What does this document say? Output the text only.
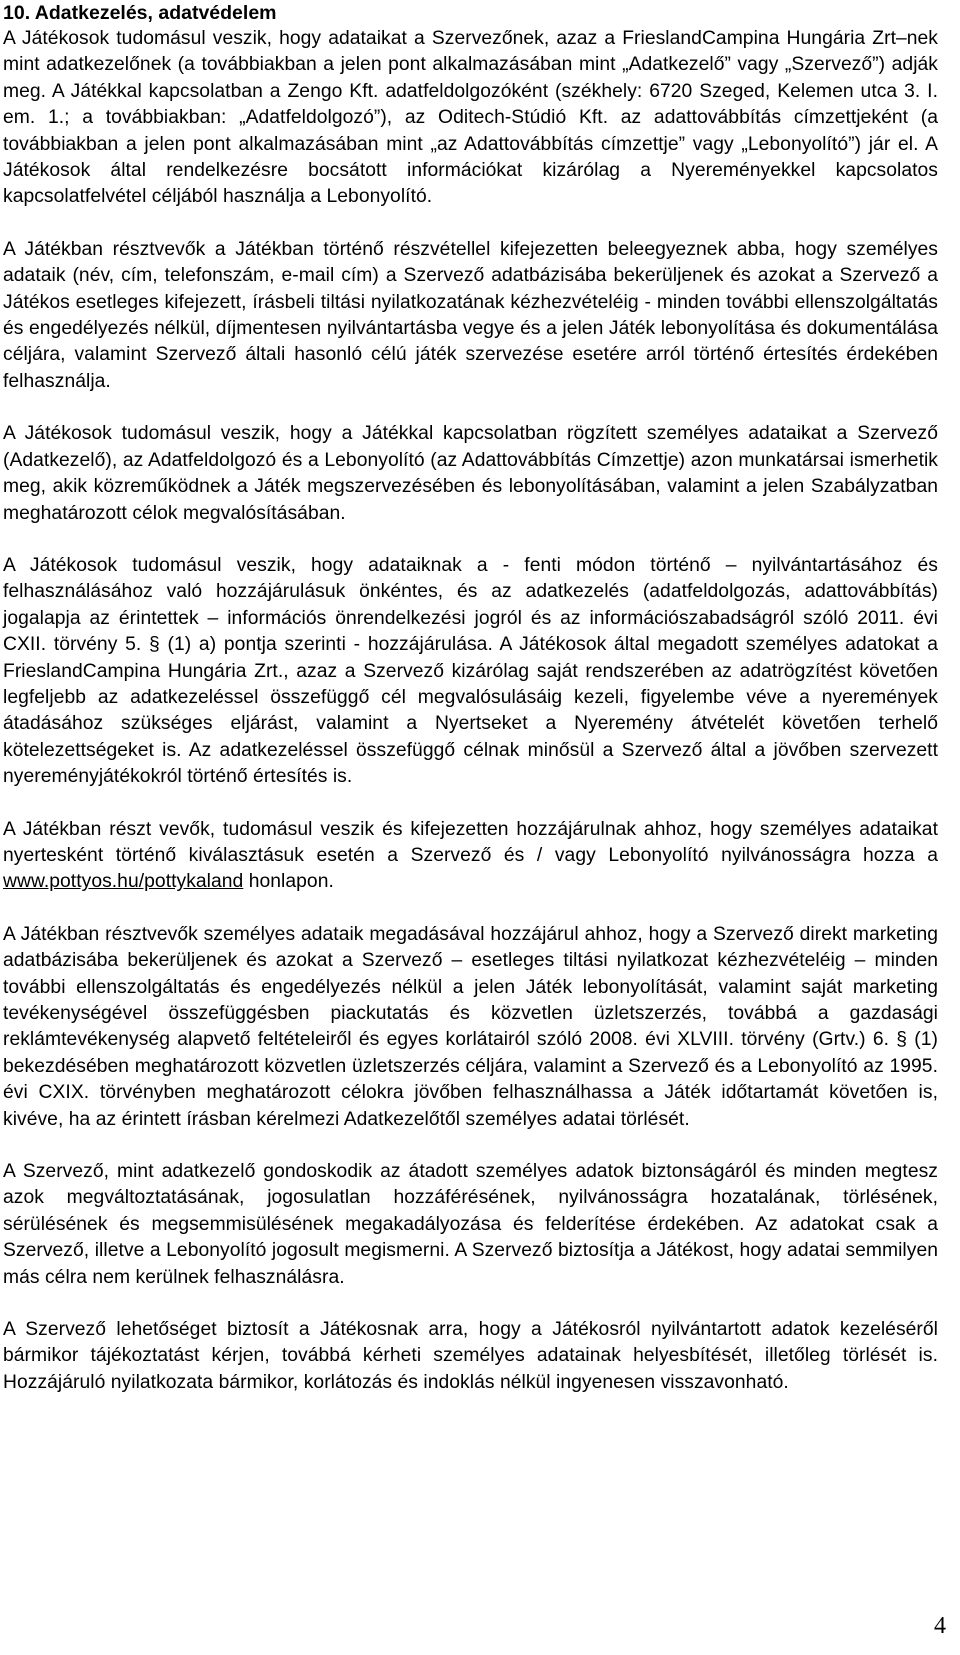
10. Adatkezelés, adatvédelem

A Játékosok tudomásul veszik, hogy adataikat a Szervezőnek, azaz a FrieslandCampina Hungária Zrt–nek mint adatkezelőnek (a továbbiakban a jelen pont alkalmazásában mint „Adatkezelő” vagy „Szervező”) adják meg. A Játékkal kapcsolatban a Zengo Kft. adatfeldolgozóként (székhely: 6720 Szeged, Kelemen utca 3. I. em. 1.; a továbbiakban: „Adatfeldolgozó”), az Oditech-Stúdió Kft. az adattovábbítás címzettjeként (a továbbiakban a jelen pont alkalmazásában mint „az Adattovábbítás címzettje” vagy „Lebonyolító”) jár el. A Játékosok által rendelkezésre bocsátott információkat kizárólag a Nyereményekkel kapcsolatos kapcsolatfelvétel céljából használja a Lebonyolító.

A Játékban résztvevők a Játékban történő részvétellel kifejezetten beleegyeznek abba, hogy személyes adataik (név, cím, telefonszám, e-mail cím) a Szervező adatbázisába bekerüljenek és azokat a Szervező a Játékos esetleges kifejezett, írásbeli tiltási nyilatkozatának kézhezvételéig - minden további ellenszolgáltatás és engedélyezés nélkül, díjmentesen nyilvántartásba vegye és a jelen Játék lebonyolítása és dokumentálása céljára, valamint Szervező általi hasonló célú játék szervezése esetére arról történő értesítés érdekében felhasználja.

A Játékosok tudomásul veszik, hogy a Játékkal kapcsolatban rögzített személyes adataikat a Szervező (Adatkezelő), az Adatfeldolgozó és a Lebonyolító (az Adattovábbítás Címzettje) azon munkatársai ismerhetik meg, akik közreműködnek a Játék megszervezésében és lebonyolításában, valamint a jelen Szabályzatban meghatározott célok megvalósításában.

A Játékosok tudomásul veszik, hogy adataiknak a - fenti módon történő – nyilvántartásához és felhasználásához való hozzájárulásuk önkéntes, és az adatkezelés (adatfeldolgozás, adattovábbítás) jogalapja az érintettek – információs önrendelkezési jogról és az információszabadságról szóló 2011. évi CXII. törvény 5. § (1) a) pontja szerinti - hozzájárulása. A Játékosok által megadott személyes adatokat a FrieslandCampina Hungária Zrt., azaz a Szervező kizárólag saját rendszerében az adatrögzítést követően legfeljebb az adatkezeléssel összefüggő cél megvalósulásáig kezeli, figyelembe véve a nyeremények átadásához szükséges eljárást, valamint a Nyertseket a Nyeremény átvételét követően terhelő kötelezettségeket is. Az adatkezeléssel összefüggő célnak minősül a Szervező által a jövőben szervezett nyereményjátékokról történő értesítés is.

A Játékban részt vevők, tudomásul veszik és kifejezetten hozzájárulnak ahhoz, hogy személyes adataikat nyertesként történő kiválasztásuk esetén a Szervező és / vagy Lebonyolító nyilvánosságra hozza a www.pottyos.hu/pottykaland honlapon.

A Játékban résztvevők személyes adataik megadásával hozzájárul ahhoz, hogy a Szervező direkt marketing adatbázisába bekerüljenek és azokat a Szervező – esetleges tiltási nyilatkozat kézhezvételéig – minden további ellenszolgáltatás és engedélyezés nélkül a jelen Játék lebonyolítását, valamint saját marketing tevékenységével összefüggésben piackutatás és közvetlen üzletszerzés, továbbá a gazdasági reklámtevékenység alapvető feltételeiről és egyes korlátairól szóló 2008. évi XLVIII. törvény (Grtv.) 6. § (1) bekezdésében meghatározott közvetlen üzletszerzés céljára, valamint a Szervező és a Lebonyolító az 1995. évi CXIX. törvényben meghatározott célokra jövőben felhasználhassa a Játék időtartamát követően is, kivéve, ha az érintett írásban kérelmezi Adatkezelőtől személyes adatai törlését.

A Szervező, mint adatkezelő gondoskodik az átadott személyes adatok biztonságáról és minden megtesz azok megváltoztatásának, jogosulatlan hozzáférésének, nyilvánosságra hozatalának, törlésének, sérülésének és megsemmisülésének megakadályozása és felderítése érdekében. Az adatokat csak a Szervező, illetve a Lebonyolító jogosult megismerni. A Szervező biztosítja a Játékost, hogy adatai semmilyen más célra nem kerülnek felhasználásra.

A Szervező lehetőséget biztosít a Játékosnak arra, hogy a Játékosról nyilvántartott adatok kezeléséről bármikor tájékoztatást kérjen, továbbá kérheti személyes adatainak helyesbítését, illetőleg törlését is. Hozzájáruló nyilatkozata bármikor, korlátozás és indoklás nélkül ingyenesen visszavonható.

4
